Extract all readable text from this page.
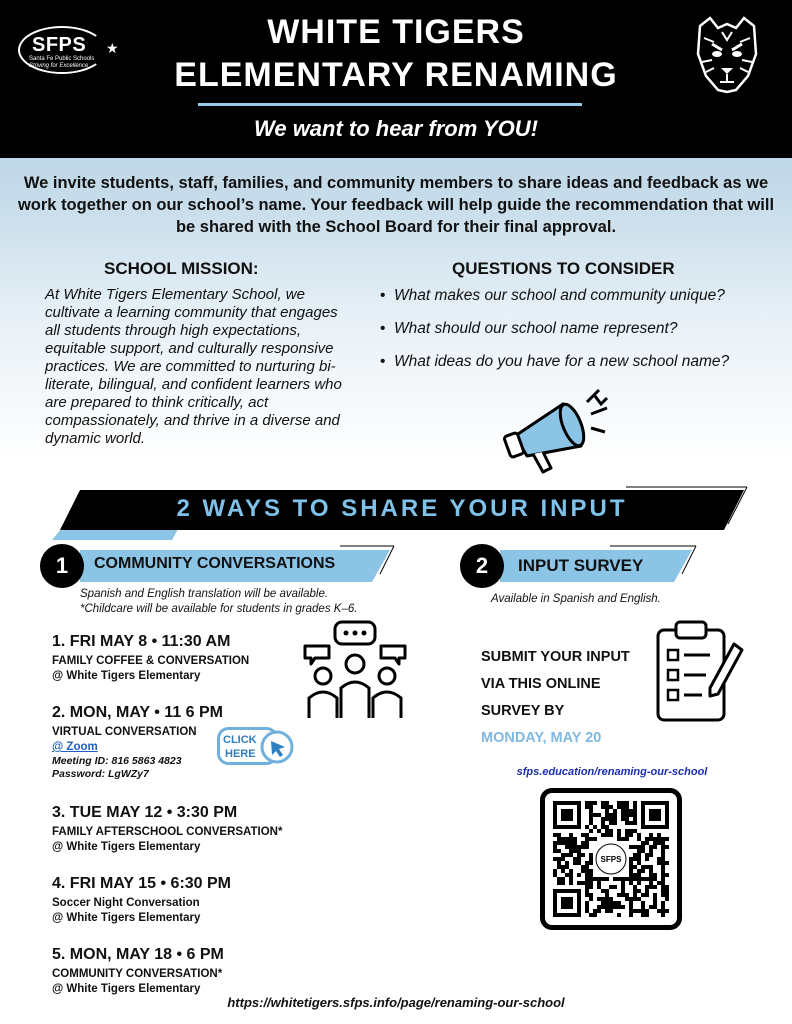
SFPS
Santa Fe Public Schools
Striving for Excellence
★	WHITE TIGERS
ELEMENTARY RENAMING
We want to hear from YOU!
We invite students, staff, families, and community members to share ideas and feedback as we work together on our school’s name. Your feedback will help guide the recommendation that will be shared with the School Board for their final approval.
SCHOOL MISSION:
At White Tigers Elementary School, we cultivate a learning community that engages all students through high expectations, equitable support, and culturally responsive practices. We are committed to nurturing bi-literate, bilingual, and confident learners who are prepared to think critically, act compassionately, and thrive in a diverse and dynamic world.
QUESTIONS TO CONSIDER
• What makes our school and community unique?
• What should our school name represent?
• What ideas do you have for a new school name?
2 WAYS TO SHARE YOUR INPUT
1	COMMUNITY CONVERSATIONS
Spanish and English translation will be available.
*Childcare will be available for students in grades K–6.
2	INPUT SURVEY
Available in Spanish and English.
1. FRI MAY 8 • 11:30 AM
FAMILY COFFEE & CONVERSATION
@ White Tigers Elementary
2. MON, MAY • 11 6 PM
VIRTUAL CONVERSATION
@ Zoom
Meeting ID: 816 5863 4823
Password: LgWZy7
3. TUE MAY 12 • 3:30 PM
FAMILY AFTERSCHOOL CONVERSATION*
@ White Tigers Elementary
4. FRI MAY 15 • 6:30 PM
Soccer Night Conversation
@ White Tigers Elementary
5. MON, MAY 18 • 6 PM
COMMUNITY CONVERSATION*
@ White Tigers Elementary
CLICK
HERE
SUBMIT YOUR INPUT
VIA THIS ONLINE
SURVEY BY
MONDAY, MAY 20
sfps.education/renaming-our-school
SFPS
https://whitetigers.sfps.info/page/renaming-our-school
